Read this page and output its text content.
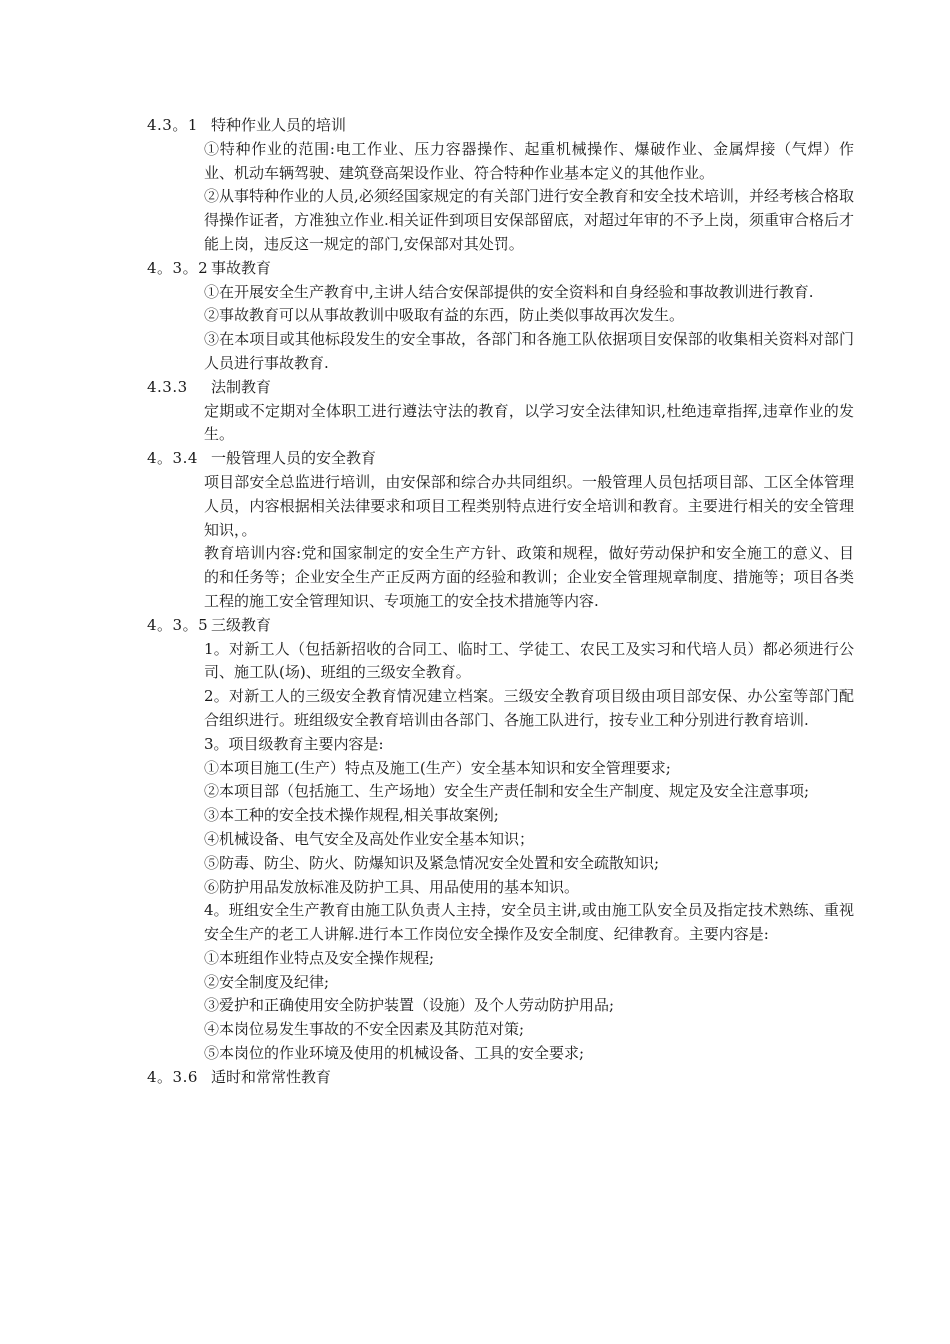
4.3。1 特种作业人员的培训

①特种作业的范围:电工作业、压力容器操作、起重机械操作、爆破作业、金属焊接（气焊）作业、机动车辆驾驶、建筑登高架设作业、符合特种作业基本定义的其他作业。

②从事特种作业的人员,必须经国家规定的有关部门进行安全教育和安全技术培训，并经考核合格取得操作证者，方准独立作业.相关证件到项目安保部留底，对超过年审的不予上岗，须重审合格后才能上岗，违反这一规定的部门,安保部对其处罚。

4。3。2 事故教育

①在开展安全生产教育中,主讲人结合安保部提供的安全资料和自身经验和事故教训进行教育.

②事故教育可以从事故教训中吸取有益的东西，防止类似事故再次发生。

③在本项目或其他标段发生的安全事故，各部门和各施工队依据项目安保部的收集相关资料对部门人员进行事故教育.

4.3.3 法制教育

定期或不定期对全体职工进行遵法守法的教育，以学习安全法律知识,杜绝违章指挥,违章作业的发生。

4。3.4 一般管理人员的安全教育

项目部安全总监进行培训，由安保部和综合办共同组织。一般管理人员包括项目部、工区全体管理人员，内容根据相关法律要求和项目工程类别特点进行安全培训和教育。主要进行相关的安全管理知识，。

教育培训内容:党和国家制定的安全生产方针、政策和规程，做好劳动保护和安全施工的意义、目的和任务等；企业安全生产正反两方面的经验和教训；企业安全管理规章制度、措施等；项目各类工程的施工安全管理知识、专项施工的安全技术措施等内容.

4。3。5 三级教育

1。对新工人（包括新招收的合同工、临时工、学徒工、农民工及实习和代培人员）都必须进行公司、施工队(场)、班组的三级安全教育。

2。对新工人的三级安全教育情况建立档案。三级安全教育项目级由项目部安保、办公室等部门配合组织进行。班组级安全教育培训由各部门、各施工队进行，按专业工种分别进行教育培训.

3。项目级教育主要内容是:

①本项目施工(生产）特点及施工(生产）安全基本知识和安全管理要求;

②本项目部（包括施工、生产场地）安全生产责任制和安全生产制度、规定及安全注意事项;

③本工种的安全技术操作规程,相关事故案例;

④机械设备、电气安全及高处作业安全基本知识；

⑤防毒、防尘、防火、防爆知识及紧急情况安全处置和安全疏散知识;

⑥防护用品发放标准及防护工具、用品使用的基本知识。

4。班组安全生产教育由施工队负责人主持，安全员主讲,或由施工队安全员及指定技术熟练、重视安全生产的老工人讲解.进行本工作岗位安全操作及安全制度、纪律教育。主要内容是:

①本班组作业特点及安全操作规程;

②安全制度及纪律;

③爱护和正确使用安全防护装置（设施）及个人劳动防护用品;

④本岗位易发生事故的不安全因素及其防范对策;

⑤本岗位的作业环境及使用的机械设备、工具的安全要求;

4。3.6 适时和常常性教育
